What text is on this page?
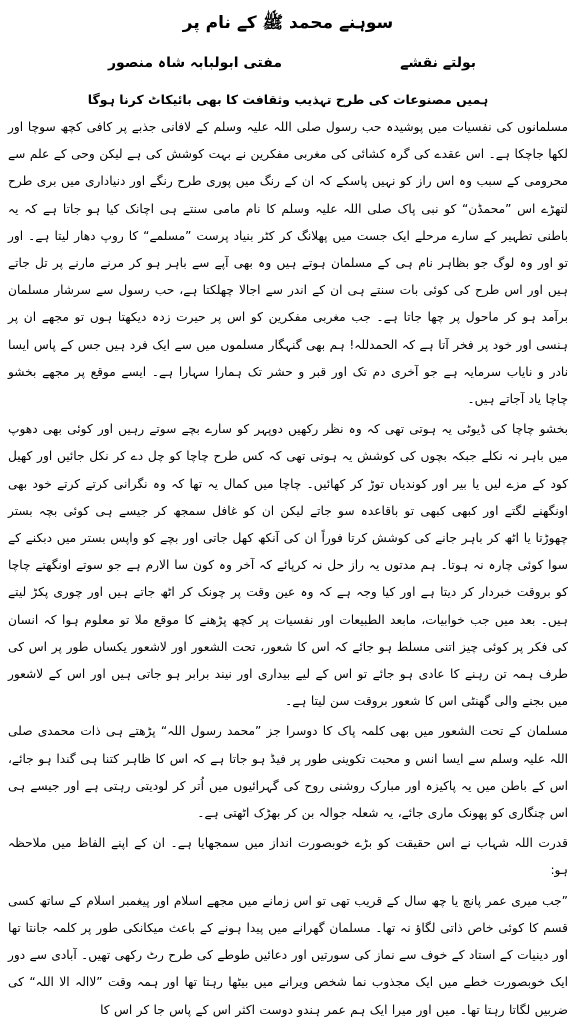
سوہنے محمد ﷺ کے نام پر
بولتے نقشے
مفتی ابولبابہ شاہ منصور
ہمیں مصنوعات کی طرح تہذیب وثقافت کا بھی بائیکاٹ کرنا ہوگا

مسلمانوں کی نفسیات میں پوشیدہ حب رسول صلی اللہ علیہ وسلم کے لافانی جذبے پر کافی کچھ سوچا اور لکھا جاچکا ہے۔ اس عقدے کی گرہ کشائی کی مغربی مفکرین نے بہت کوشش کی ہے لیکن وحی کے علم سے محرومی کے سبب وہ اس راز کو نہیں پاسکے کہ ان کے رنگ میں پوری طرح رنگے اور دنیاداری میں بری طرح لتھڑے اس ”محمڈن“ کو نبی پاک صلی اللہ علیہ وسلم کا نام مامی سنتے ہی اچانک کیا ہو جاتا ہے کہ یہ باطنی تطہیر کے سارے مرحلے ایک جست میں پھلانگ کر کٹر بنیاد پرست ”مسلمے“ کا روپ دھار لیتا ہے۔ اور تو اور وہ لوگ جو بظاہر نام ہی کے مسلمان ہوتے ہیں وہ بھی آپے سے باہر ہو کر مرنے مارنے پر تل جاتے ہیں اور اس طرح کی کوئی بات سنتے ہی ان کے اندر سے اجالا چھلکتا ہے، حب رسول سے سرشار مسلمان برآمد ہو کر ماحول پر چھا جاتا ہے۔ جب مغربی مفکرین کو اس پر حیرت زدہ دیکھتا ہوں تو مجھے ان پر ہنسی اور خود پر فخر آتا ہے کہ الحمدللہ! ہم بھی گنہگار مسلموں میں سے ایک فرد ہیں جس کے پاس ایسا نادر و نایاب سرمایہ ہے جو آخری دم تک اور قبر و حشر تک ہمارا سہارا ہے۔ ایسے موقع پر مجھے بخشو چاچا یاد آجاتے ہیں۔

بخشو چاچا کی ڈیوٹی یہ ہوتی تھی کہ وہ نظر رکھیں دوپہر کو سارے بچے سوتے رہیں اور کوئی بھی دھوپ میں باہر نہ نکلے جبکہ بچوں کی کوشش یہ ہوتی تھی کہ کس طرح چاچا کو چل دے کر نکل جائیں اور کھیل کود کے مزے لیں یا بیر اور کوندیاں توڑ کر کھائیں۔ چاچا میں کمال یہ تھا کہ وہ نگرانی کرتے کرتے خود بھی اونگھنے لگتے اور کبھی کبھی تو باقاعدہ سو جاتے لیکن ان کو غافل سمجھ کر جیسے ہی کوئی بچہ بستر چھوڑتا یا اٹھ کر باہر جانے کی کوشش کرتا فوراً ان کی آنکھ کھل جاتی اور بچے کو واپس بستر میں دبکنے کے سوا کوئی چارہ نہ ہوتا۔ ہم مدتوں یہ راز حل نہ کرپائے کہ آخر وہ کون سا الارم ہے جو سوتے اونگھتے چاچا کو بروقت خبردار کر دیتا ہے اور کیا وجہ ہے کہ وہ عین وقت پر چونک کر اٹھ جاتے ہیں اور چوری پکڑ لیتے ہیں۔ بعد میں جب خوابیات، مابعد الطبیعات اور نفسیات پر کچھ پڑھنے کا موقع ملا تو معلوم ہوا کہ انسان کی فکر پر کوئی چیز اتنی مسلط ہو جائے کہ اس کا شعور، تحت الشعور اور لاشعور یکساں طور پر اس کی طرف ہمہ تن رہنے کا عادی ہو جائے تو اس کے لیے بیداری اور نیند برابر ہو جاتی ہیں اور اس کے لاشعور میں بجنے والی گھنٹی اس کا شعور بروقت سن لیتا ہے۔

مسلمان کے تحت الشعور میں بھی کلمہ پاک کا دوسرا جز ”محمد رسول اللہ“ پڑھتے ہی ذات محمدی صلی اللہ علیہ وسلم سے ایسا انس و محبت تکوینی طور پر فیڈ ہو جاتا ہے کہ اس کا ظاہر کتنا ہی گندا ہو جائے، اس کے باطن میں یہ پاکیزہ اور مبارک روشنی روح کی گہرائیوں میں اُتر کر لودیتی رہتی ہے اور جیسے ہی اس چنگاری کو پھونک ماری جائے، یہ شعلہ جوالہ بن کر بھڑک اٹھتی ہے۔

قدرت اللہ شہاب نے اس حقیقت کو بڑے خوبصورت انداز میں سمجھایا ہے۔ ان کے اپنے الفاظ میں ملاحظہ ہو:

”جب میری عمر پانچ یا چھ سال کے قریب تھی تو اس زمانے میں مجھے اسلام اور پیغمبر اسلام کے ساتھ کسی قسم کا کوئی خاص ذاتی لگاؤ نہ تھا۔ مسلمان گھرانے میں پیدا ہونے کے باعث میکانکی طور پر کلمہ جانتا تھا اور دینیات کے استاد کے خوف سے نماز کی سورتیں اور دعائیں طوطے کی طرح رٹ رکھی تھیں۔ آبادی سے دور ایک خوبصورت خطے میں ایک مجذوب نما شخص ویرانے میں بیٹھا رہتا تھا اور ہمہ وقت ”لاالہ الا اللہ“ کی ضربیں لگاتا رہتا تھا۔ میں اور میرا ایک ہم عمر ہندو دوست اکثر اس کے پاس جا کر اس کا
